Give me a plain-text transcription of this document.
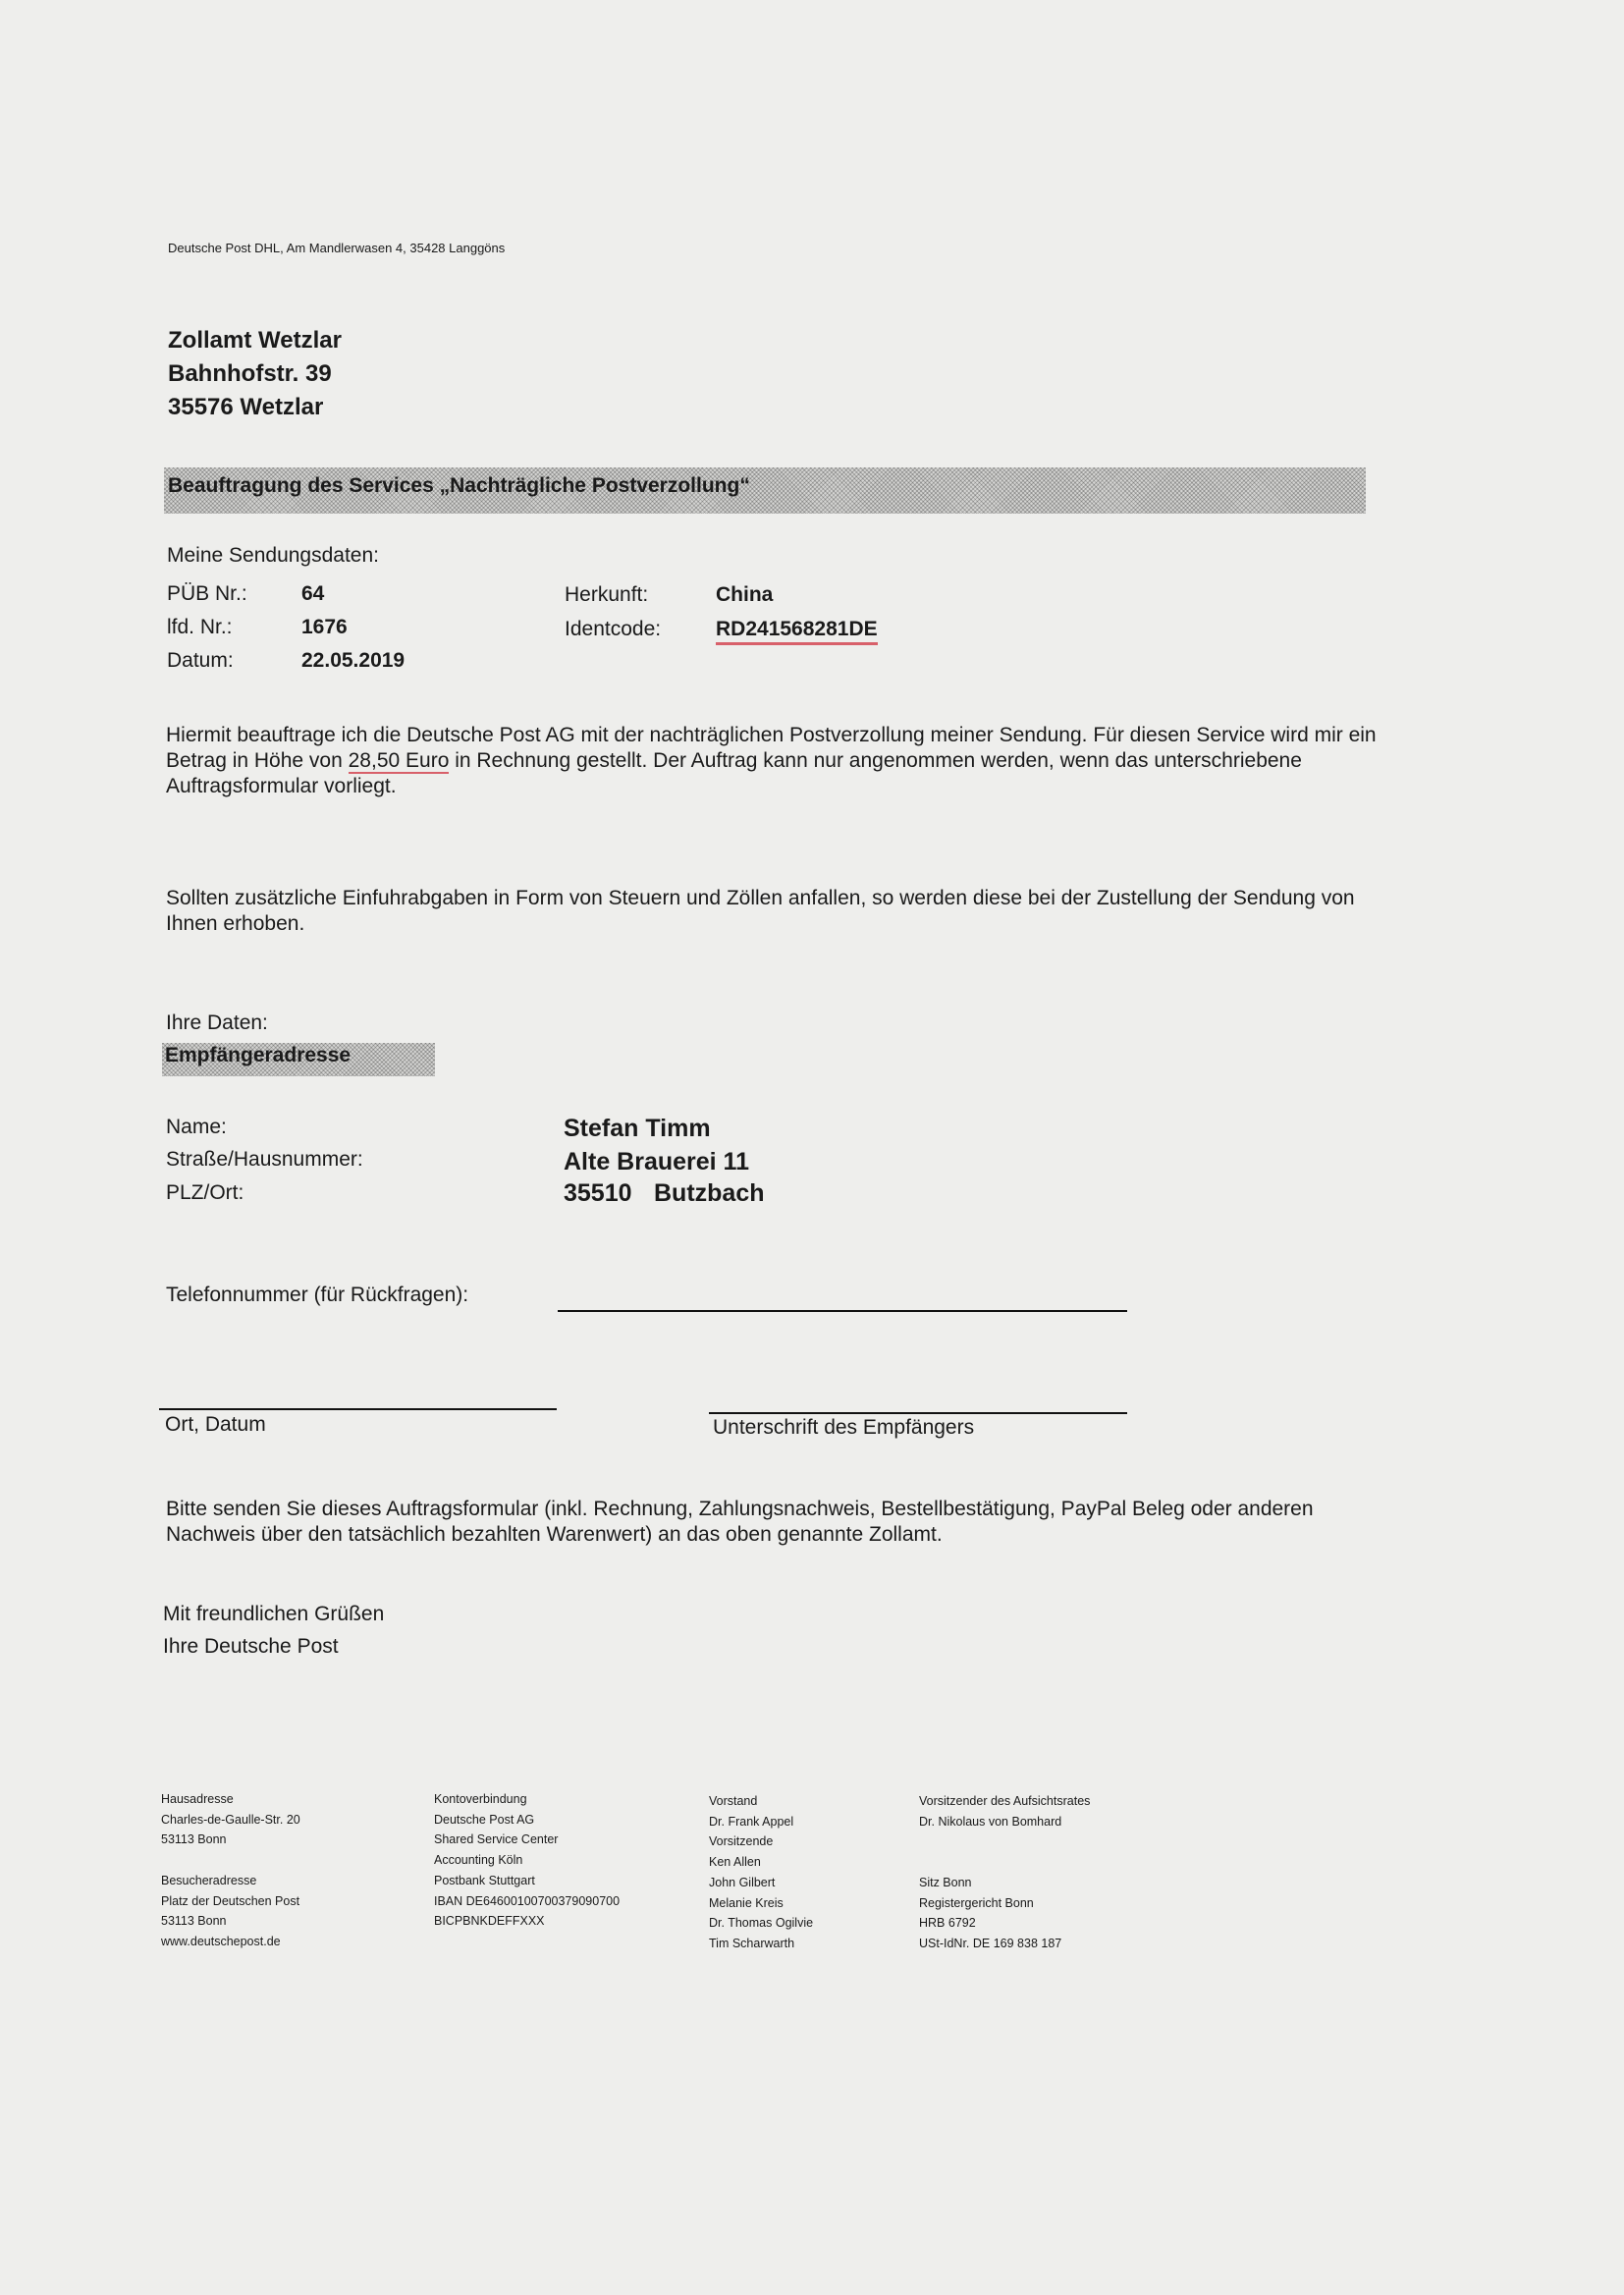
Deutsche Post DHL, Am Mandlerwasen 4, 35428 Langgöns
Zollamt Wetzlar
Bahnhofstr. 39
35576 Wetzlar
Beauftragung des Services „Nachträgliche Postverzollung“
Meine Sendungsdaten:
PÜB Nr.:	64
lfd. Nr.:	1676
Datum:	22.05.2019
Herkunft:	China
Identcode:	RD241568281DE
Hiermit beauftrage ich die Deutsche Post AG mit der nachträglichen Postverzollung meiner Sendung. Für diesen Service wird mir ein Betrag in Höhe von 28,50 Euro in Rechnung gestellt. Der Auftrag kann nur angenommen werden, wenn das unterschriebene Auftragsformular vorliegt.
Sollten zusätzliche Einfuhrabgaben in Form von Steuern und Zöllen anfallen, so werden diese bei der Zustellung der Sendung von Ihnen erhoben.
Ihre Daten:
Empfängeradresse
Name:	Stefan Timm
Straße/Hausnummer:	Alte Brauerei 11
PLZ/Ort:	35510 Butzbach
Telefonnummer (für Rückfragen):
Ort, Datum	Unterschrift des Empfängers
Bitte senden Sie dieses Auftragsformular (inkl. Rechnung, Zahlungsnachweis, Bestellbestätigung, PayPal Beleg oder anderen Nachweis über den tatsächlich bezahlten Warenwert) an das oben genannte Zollamt.
Mit freundlichen Grüßen
Ihre Deutsche Post
Hausadresse
Charles-de-Gaulle-Str. 20
53113 Bonn

Besucheradresse
Platz der Deutschen Post
53113 Bonn
www.deutschepost.de
Kontoverbindung
Deutsche Post AG
Shared Service Center
Accounting Köln
Postbank Stuttgart
IBAN DE64600100700379090700
BICPBNKDEFFXXX
Vorstand
Dr. Frank Appel
Vorsitzende
Ken Allen
John Gilbert
Melanie Kreis
Dr. Thomas Ogilvie
Tim Scharwarth
Vorsitzender des Aufsichtsrates
Dr. Nikolaus von Bomhard

Sitz Bonn
Registergericht Bonn
HRB 6792
USt-IdNr. DE 169 838 187
